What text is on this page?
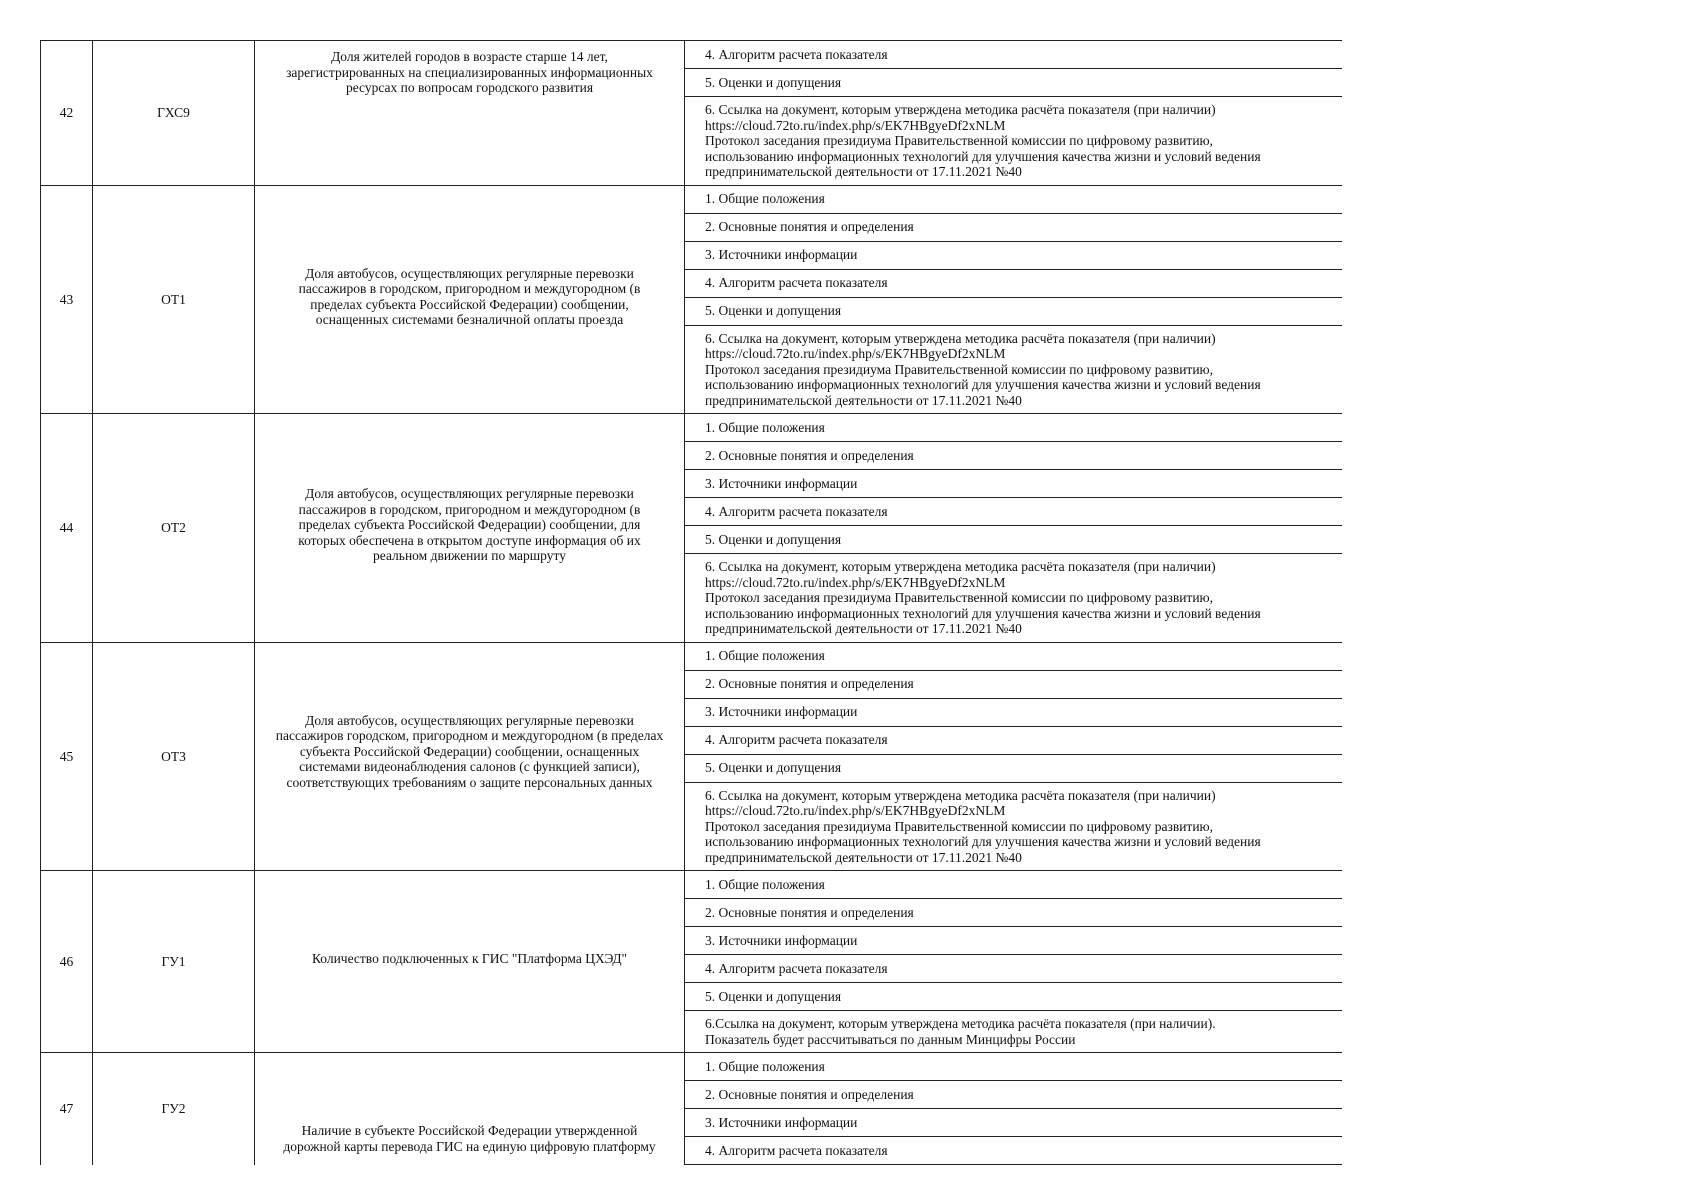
42	ГХС9	Доля жителей городов в возрасте старше 14 лет,
зарегистрированных на специализированных информационных
ресурсах по вопросам городского развития	4. Алгоритм расчета показателя

			5. Оценки и допущения

			6. Ссылка на документ, которым утверждена методика расчёта показателя (при наличии)
https://cloud.72to.ru/index.php/s/EK7HBgyeDf2xNLM
Протокол заседания президиума Правительственной комиссии по цифровому развитию,
использованию информационных технологий для улучшения качества жизни и условий ведения
предпринимательской деятельности от 17.11.2021 №40

43	ОТ1	Доля автобусов, осуществляющих регулярные перевозки
пассажиров в городском, пригородном и междугородном (в
пределах субъекта Российской Федерации) сообщении,
оснащенных системами безналичной оплаты проезда	1. Общие положения

			2. Основные понятия и определения

			3. Источники информации

			4. Алгоритм расчета показателя

			5. Оценки и допущения

			6. Ссылка на документ, которым утверждена методика расчёта показателя (при наличии)
https://cloud.72to.ru/index.php/s/EK7HBgyeDf2xNLM
Протокол заседания президиума Правительственной комиссии по цифровому развитию,
использованию информационных технологий для улучшения качества жизни и условий ведения
предпринимательской деятельности от 17.11.2021 №40

44	ОТ2	Доля автобусов, осуществляющих регулярные перевозки
пассажиров в городском, пригородном и междугородном (в
пределах субъекта Российской Федерации) сообщении, для
которых обеспечена в открытом доступе информация об их
реальном движении по маршруту	1. Общие положения

			2. Основные понятия и определения

			3. Источники информации

			4. Алгоритм расчета показателя

			5. Оценки и допущения

			6. Ссылка на документ, которым утверждена методика расчёта показателя (при наличии)
https://cloud.72to.ru/index.php/s/EK7HBgyeDf2xNLM
Протокол заседания президиума Правительственной комиссии по цифровому развитию,
использованию информационных технологий для улучшения качества жизни и условий ведения
предпринимательской деятельности от 17.11.2021 №40

45	ОТ3	Доля автобусов, осуществляющих регулярные перевозки
пассажиров городском, пригородном и междугородном (в пределах
субъекта Российской Федерации) сообщении, оснащенных
системами видеонаблюдения салонов (с функцией записи),
соответствующих требованиям о защите персональных данных	1. Общие положения

			2. Основные понятия и определения

			3. Источники информации

			4. Алгоритм расчета показателя

			5. Оценки и допущения

			6. Ссылка на документ, которым утверждена методика расчёта показателя (при наличии)
https://cloud.72to.ru/index.php/s/EK7HBgyeDf2xNLM
Протокол заседания президиума Правительственной комиссии по цифровому развитию,
использованию информационных технологий для улучшения качества жизни и условий ведения
предпринимательской деятельности от 17.11.2021 №40

46	ГУ1	Количество подключенных к ГИС "Платформа ЦХЭД"	1. Общие положения

			2. Основные понятия и определения

			3. Источники информации

			4. Алгоритм расчета показателя

			5. Оценки и допущения

			6.Ссылка на документ, которым утверждена методика расчёта показателя (при наличии).
Показатель будет рассчитываться по данным Минцифры России

47	ГУ2	Наличие в субъекте Российской Федерации утвержденной
дорожной карты перевода ГИС на единую цифровую платформу	1. Общие положения

			2. Основные понятия и определения

			3. Источники информации

			4. Алгоритм расчета показателя
